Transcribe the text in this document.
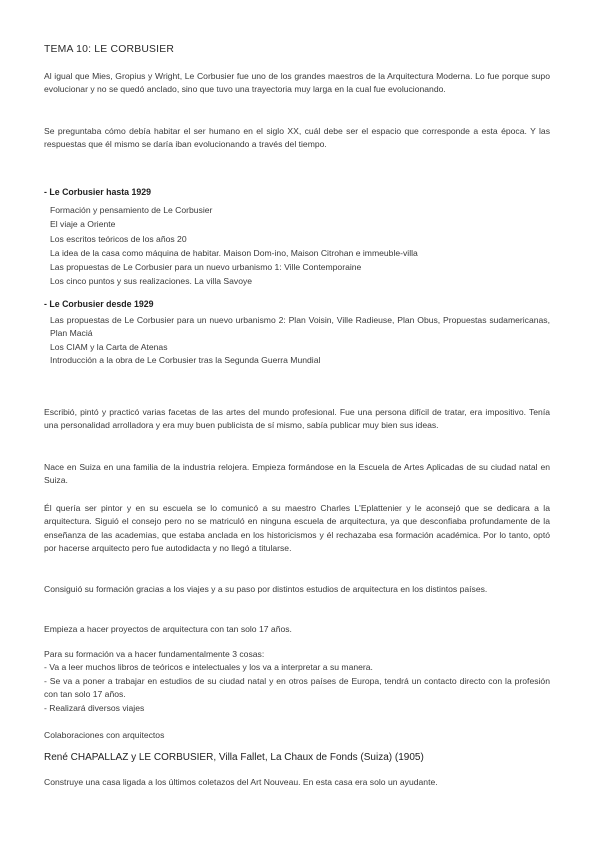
TEMA 10: LE CORBUSIER

Al igual que Mies, Gropius y Wright, Le Corbusier fue uno de los grandes maestros de la Arquitectura Moderna. Lo fue porque supo evolucionar y no se quedó anclado, sino que tuvo una trayectoria muy larga en la cual fue evolucionando.

Se preguntaba cómo debía habitar el ser humano en el siglo XX, cuál debe ser el espacio que corresponde a esta época. Y las respuestas que él mismo se daría iban evolucionando a través del tiempo.

- Le Corbusier hasta 1929

Formación y pensamiento de Le Corbusier
El viaje a Oriente
Los escritos teóricos de los años 20
La idea de la casa como máquina de habitar. Maison Dom-ino, Maison Citrohan e immeuble-villa
Las propuestas de Le Corbusier para un nuevo urbanismo 1: Ville Contemporaine
Los cinco puntos y sus realizaciones. La villa Savoye

- Le Corbusier desde 1929

Las propuestas de Le Corbusier para un nuevo urbanismo 2: Plan Voisin, Ville Radieuse, Plan Obus, Propuestas sudamericanas, Plan Maciá
Los CIAM y la Carta de Atenas
Introducción a la obra de Le Corbusier tras la Segunda Guerra Mundial

Escribió, pintó y practicó varias facetas de las artes del mundo profesional. Fue una persona difícil de tratar, era impositivo. Tenía una personalidad arrolladora y era muy buen publicista de sí mismo, sabía publicar muy bien sus ideas.

Nace en Suiza en una familia de la industria relojera. Empieza formándose en la Escuela de Artes Aplicadas de su ciudad natal en Suiza.

Él quería ser pintor y en su escuela se lo comunicó a su maestro Charles L'Eplattenier y le aconsejó que se dedicara a la arquitectura. Siguió el consejo pero no se matriculó en ninguna escuela de arquitectura, ya que desconfiaba profundamente de la enseñanza de las academias, que estaba anclada en los historicismos y él rechazaba esa formación académica. Por lo tanto, optó por hacerse arquitecto pero fue autodidacta y no llegó a titularse.

Consiguió su formación gracias a los viajes y a su paso por distintos estudios de arquitectura en los distintos países.

Empieza a hacer proyectos de arquitectura con tan solo 17 años.

Para su formación va a hacer fundamentalmente 3 cosas:
- Va a leer muchos libros de teóricos e intelectuales y los va a interpretar a su manera.
- Se va a poner a trabajar en estudios de su ciudad natal y en otros países de Europa, tendrá un contacto directo con la profesión con tan solo 17 años.
- Realizará diversos viajes

Colaboraciones con arquitectos

René CHAPALLAZ y LE CORBUSIER, Villa Fallet, La Chaux de Fonds (Suiza) (1905)

Construye una casa ligada a los últimos coletazos del Art Nouveau. En esta casa era solo un ayudante.
